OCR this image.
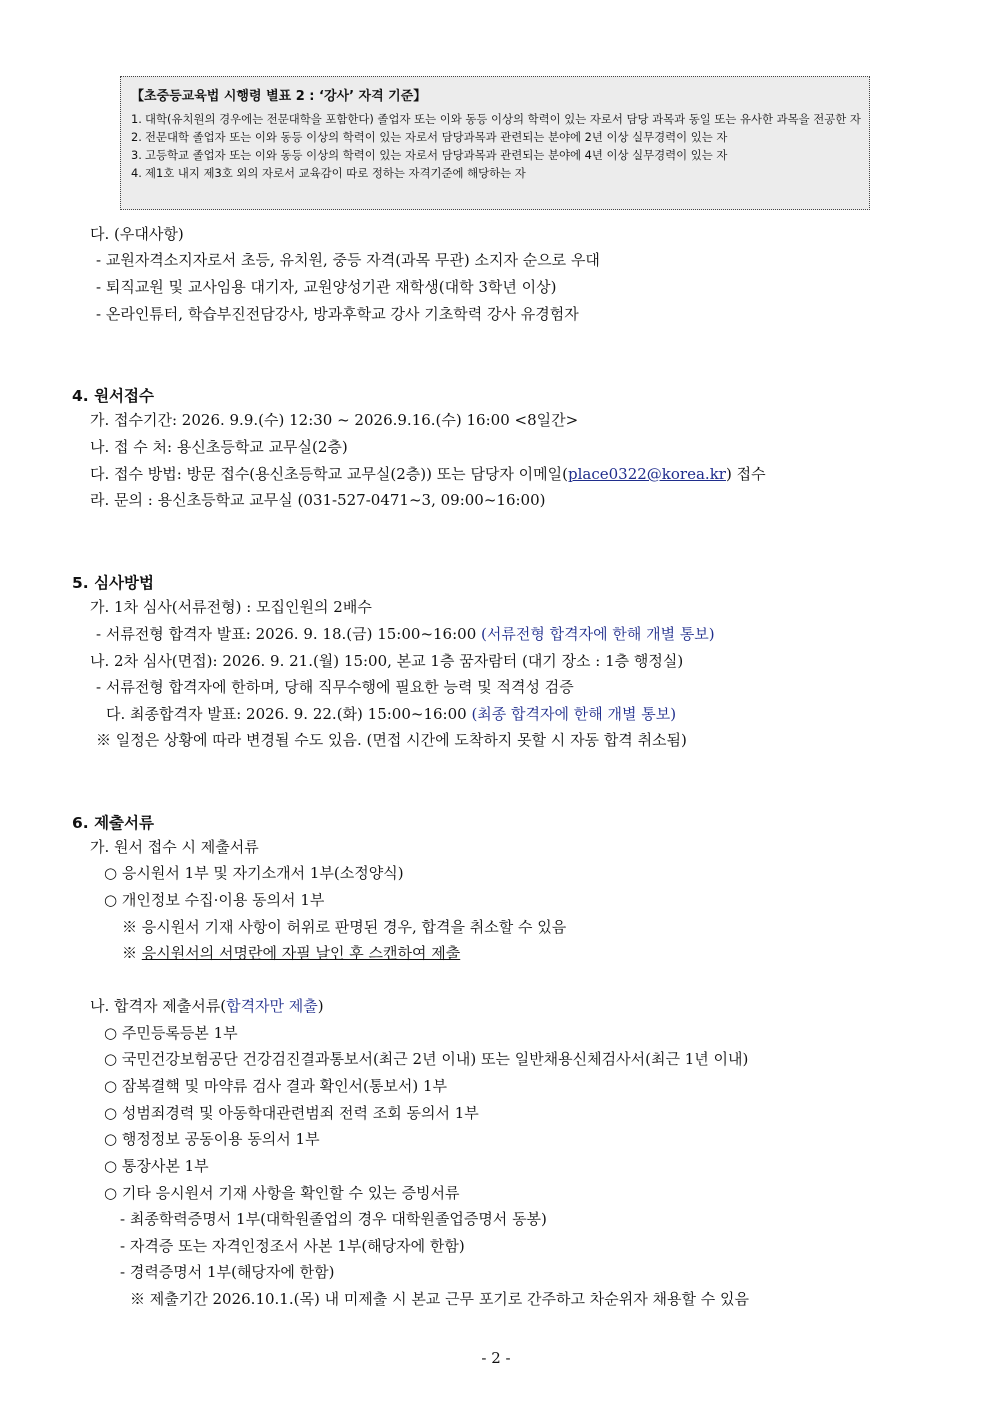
【초중등교육법 시행령 별표 2 : ‘강사’ 자격 기준】
1. 대학(유치원의 경우에는 전문대학을 포함한다) 졸업자 또는 이와 동등 이상의 학력이 있는 자로서 담당 과목과 동일 또는 유사한 과목을 전공한 자
2. 전문대학 졸업자 또는 이와 동등 이상의 학력이 있는 자로서 담당과목과 관련되는 분야에 2년 이상 실무경력이 있는 자
3. 고등학교 졸업자 또는 이와 동등 이상의 학력이 있는 자로서 담당과목과 관련되는 분야에 4년 이상 실무경력이 있는 자
4. 제1호 내지 제3호 외의 자로서 교육감이 따로 정하는 자격기준에 해당하는 자
다. (우대사항)
- 교원자격소지자로서 초등, 유치원, 중등 자격(과목 무관) 소지자 순으로 우대
- 퇴직교원 및 교사임용 대기자, 교원양성기관 재학생(대학 3학년 이상)
- 온라인튜터, 학습부진전담강사, 방과후학교 강사 기초학력 강사 유경험자
4. 원서접수
가. 접수기간: 2026. 9.9.(수) 12:30 ~ 2026.9.16.(수) 16:00 <8일간>
나. 접 수 처: 용신초등학교 교무실(2층)
다. 접수 방법: 방문 접수(용신초등학교 교무실(2층)) 또는 담당자 이메일(place0322@korea.kr) 접수
라. 문의 : 용신초등학교 교무실 (031-527-0471~3, 09:00~16:00)
5. 심사방법
가. 1차 심사(서류전형) : 모집인원의 2배수
- 서류전형 합격자 발표: 2026. 9. 18.(금) 15:00~16:00 (서류전형 합격자에 한해 개별 통보)
나. 2차 심사(면접): 2026. 9. 21.(월) 15:00, 본교 1층 꿈자람터 (대기 장소 : 1층 행정실)
- 서류전형 합격자에 한하며, 당해 직무수행에 필요한 능력 및 적격성 검증
다. 최종합격자 발표: 2026. 9. 22.(화) 15:00~16:00 (최종 합격자에 한해 개별 통보)
※ 일정은 상황에 따라 변경될 수도 있음. (면접 시간에 도착하지 못할 시 자동 합격 취소됨)
6. 제출서류
가. 원서 접수 시 제출서류
○ 응시원서 1부 및 자기소개서 1부(소정양식)
○ 개인정보 수집·이용 동의서 1부
※ 응시원서 기재 사항이 허위로 판명된 경우, 합격을 취소할 수 있음
※ 응시원서의 서명란에 자필 날인 후 스캔하여 제출
나. 합격자 제출서류(합격자만 제출)
○ 주민등록등본 1부
○ 국민건강보험공단 건강검진결과통보서(최근 2년 이내) 또는 일반채용신체검사서(최근 1년 이내)
○ 잠복결핵 및 마약류 검사 결과 확인서(통보서) 1부
○ 성범죄경력 및 아동학대관련범죄 전력 조회 동의서 1부
○ 행정정보 공동이용 동의서 1부
○ 통장사본 1부
○ 기타 응시원서 기재 사항을 확인할 수 있는 증빙서류
- 최종학력증명서 1부(대학원졸업의 경우 대학원졸업증명서 동봉)
- 자격증 또는 자격인정조서 사본 1부(해당자에 한함)
- 경력증명서 1부(해당자에 한함)
※ 제출기간 2026.10.1.(목) 내 미제출 시 본교 근무 포기로 간주하고 차순위자 채용할 수 있음
- 2 -
